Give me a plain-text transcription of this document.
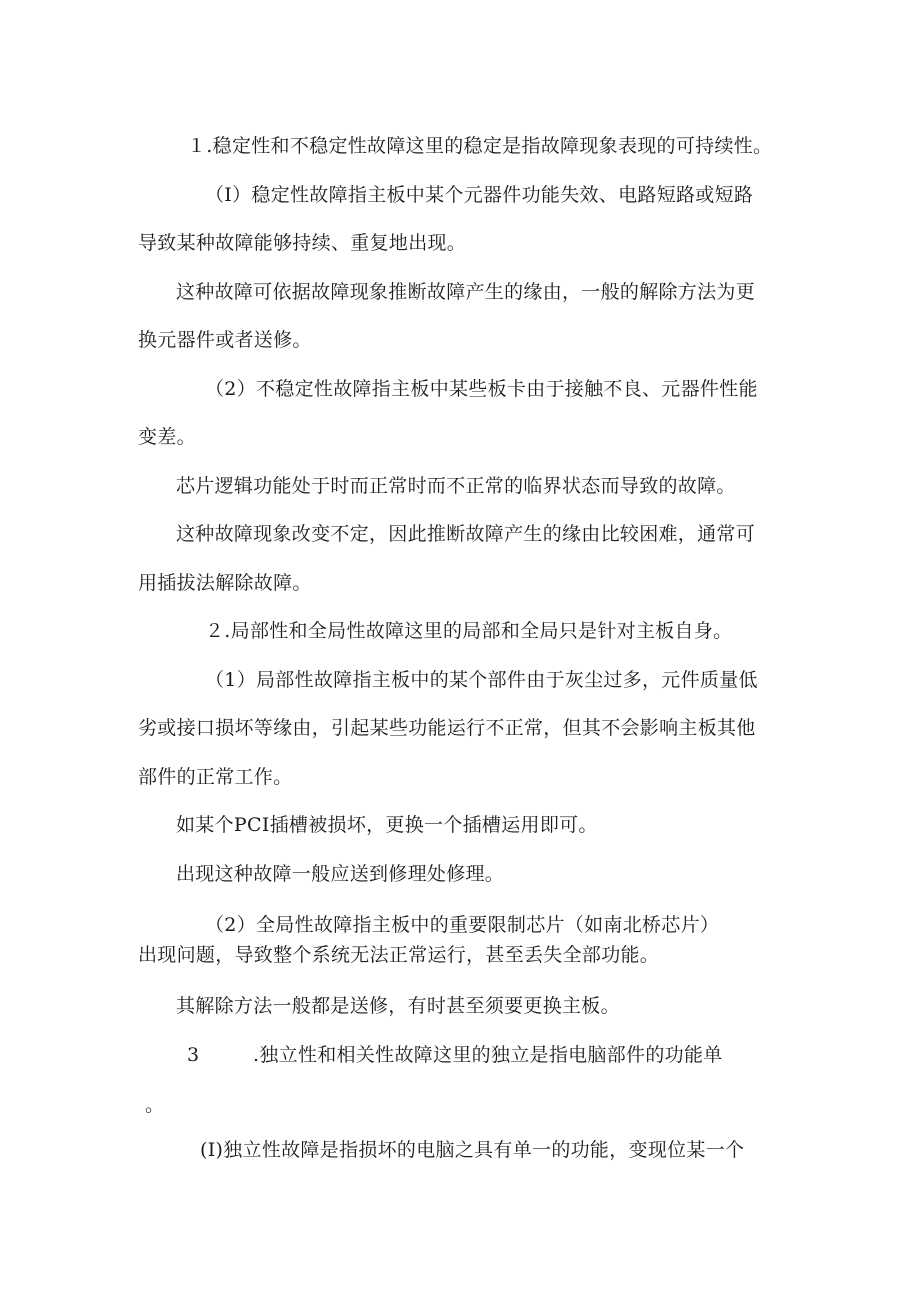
１.稳定性和不稳定性故障这里的稳定是指故障现象表现的可持续性。

（I）稳定性故障指主板中某个元器件功能失效、电路短路或短路

导致某种故障能够持续、重复地出现。

这种故障可依据故障现象推断故障产生的缘由，一般的解除方法为更

换元器件或者送修。

（2）不稳定性故障指主板中某些板卡由于接触不良、元器件性能

变差。

芯片逻辑功能处于时而正常时而不正常的临界状态而导致的故障。

这种故障现象改变不定，因此推断故障产生的缘由比较困难，通常可

用插拔法解除故障。

２.局部性和全局性故障这里的局部和全局只是针对主板自身。

（1）局部性故障指主板中的某个部件由于灰尘过多，元件质量低

劣或接口损坏等缘由，引起某些功能运行不正常，但其不会影响主板其他

部件的正常工作。

如某个PCI插槽被损坏，更换一个插槽运用即可。

出现这种故障一般应送到修理处修理。

（2）全局性故障指主板中的重要限制芯片（如南北桥芯片）

出现问题，导致整个系统无法正常运行，甚至丢失全部功能。

其解除方法一般都是送修，有时甚至须要更换主板。

3	.独立性和相关性故障这里的独立是指电脑部件的功能单

。

(I)独立性故障是指损坏的电脑之具有单一的功能，变现位某一个
